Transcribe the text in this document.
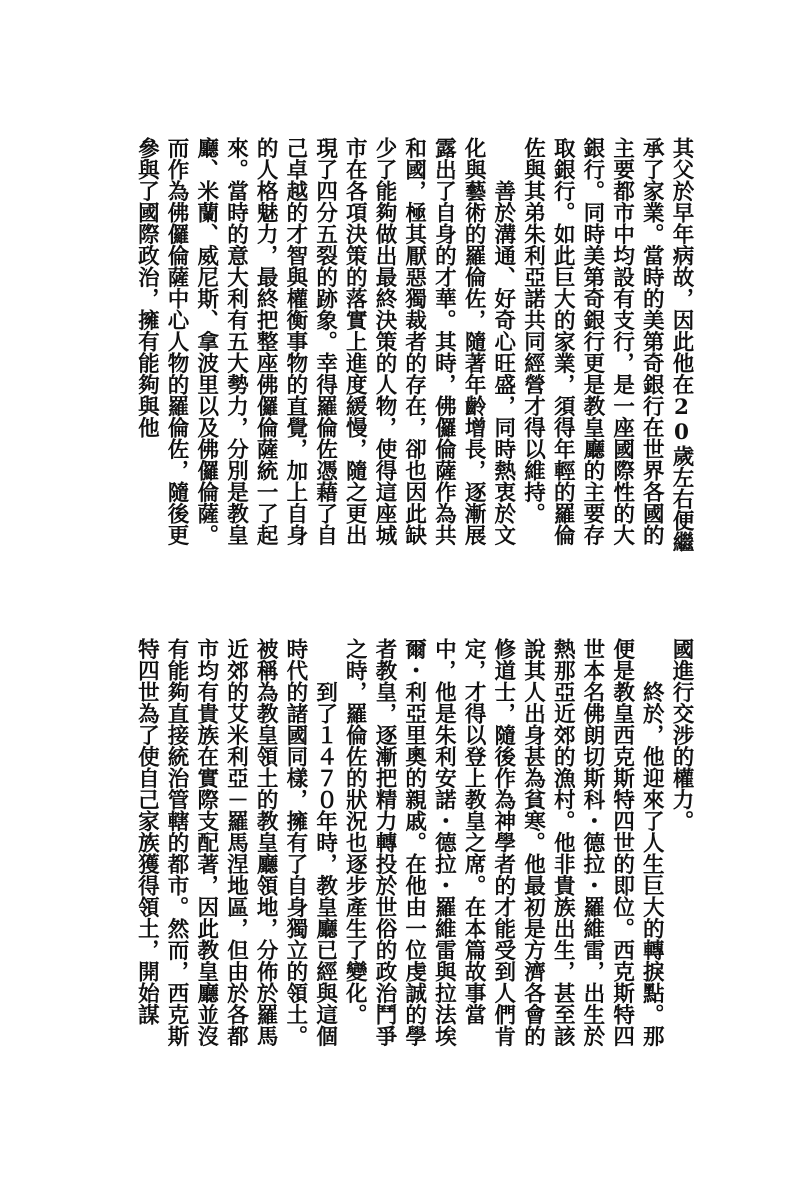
其父於早年病故，因此他在20歲左右便繼承了家業。當時的美第奇銀行在世界各國的主要都市中均設有支行，是一座國際性的大銀行。同時美第奇銀行更是教皇廳的主要存取銀行。如此巨大的家業，須得年輕的羅倫佐與其弟朱利亞諾共同經營才得以維持。
善於溝通、好奇心旺盛，同時熱衷於文化與藝術的羅倫佐，隨著年齡增長，逐漸展露出了自身的才華。其時，佛儸倫薩作為共和國，極其厭惡獨裁者的存在，卻也因此缺少了能夠做出最終決策的人物，使得這座城市在各項決策的落實上進度緩慢，隨之更出現了四分五裂的跡象。幸得羅倫佐憑藉了自己卓越的才智與權衡事物的直覺，加上自身的人格魅力，最終把整座佛儸倫薩統一了起來。當時的意大利有五大勢力，分別是教皇廳、米蘭、威尼斯、拿波里以及佛儸倫薩。而作為佛儸倫薩中心人物的羅倫佐，隨後更參與了國際政治，擁有能夠與他
國進行交涉的權力。
終於，他迎來了人生巨大的轉捩點。那便是教皇西克斯特四世的即位。西克斯特四世本名佛朗切斯科・德拉・羅維雷，出生於熱那亞近郊的漁村。他非貴族出生，甚至該說其人出身甚為貧寒。他最初是方濟各會的修道士，隨後作為神學者的才能受到人們肯定，才得以登上教皇之席。在本篇故事當中，他是朱利安諾・德拉・羅維雷與拉法埃爾・利亞里奧的親戚。在他由一位虔誠的學者教皇，逐漸把精力轉投於世俗的政治鬥爭之時，羅倫佐的狀況也逐步產生了變化。
到了１４７０年時，教皇廳已經與這個時代的諸國同樣，擁有了自身獨立的領土。被稱為教皇領土的教皇廳領地，分佈於羅馬近郊的艾米利亞－羅馬涅地區，但由於各都市均有貴族在實際支配著，因此教皇廳並沒有能夠直接統治管轄的都市。然而，西克斯特四世為了使自己家族獲得領土，開始謀
